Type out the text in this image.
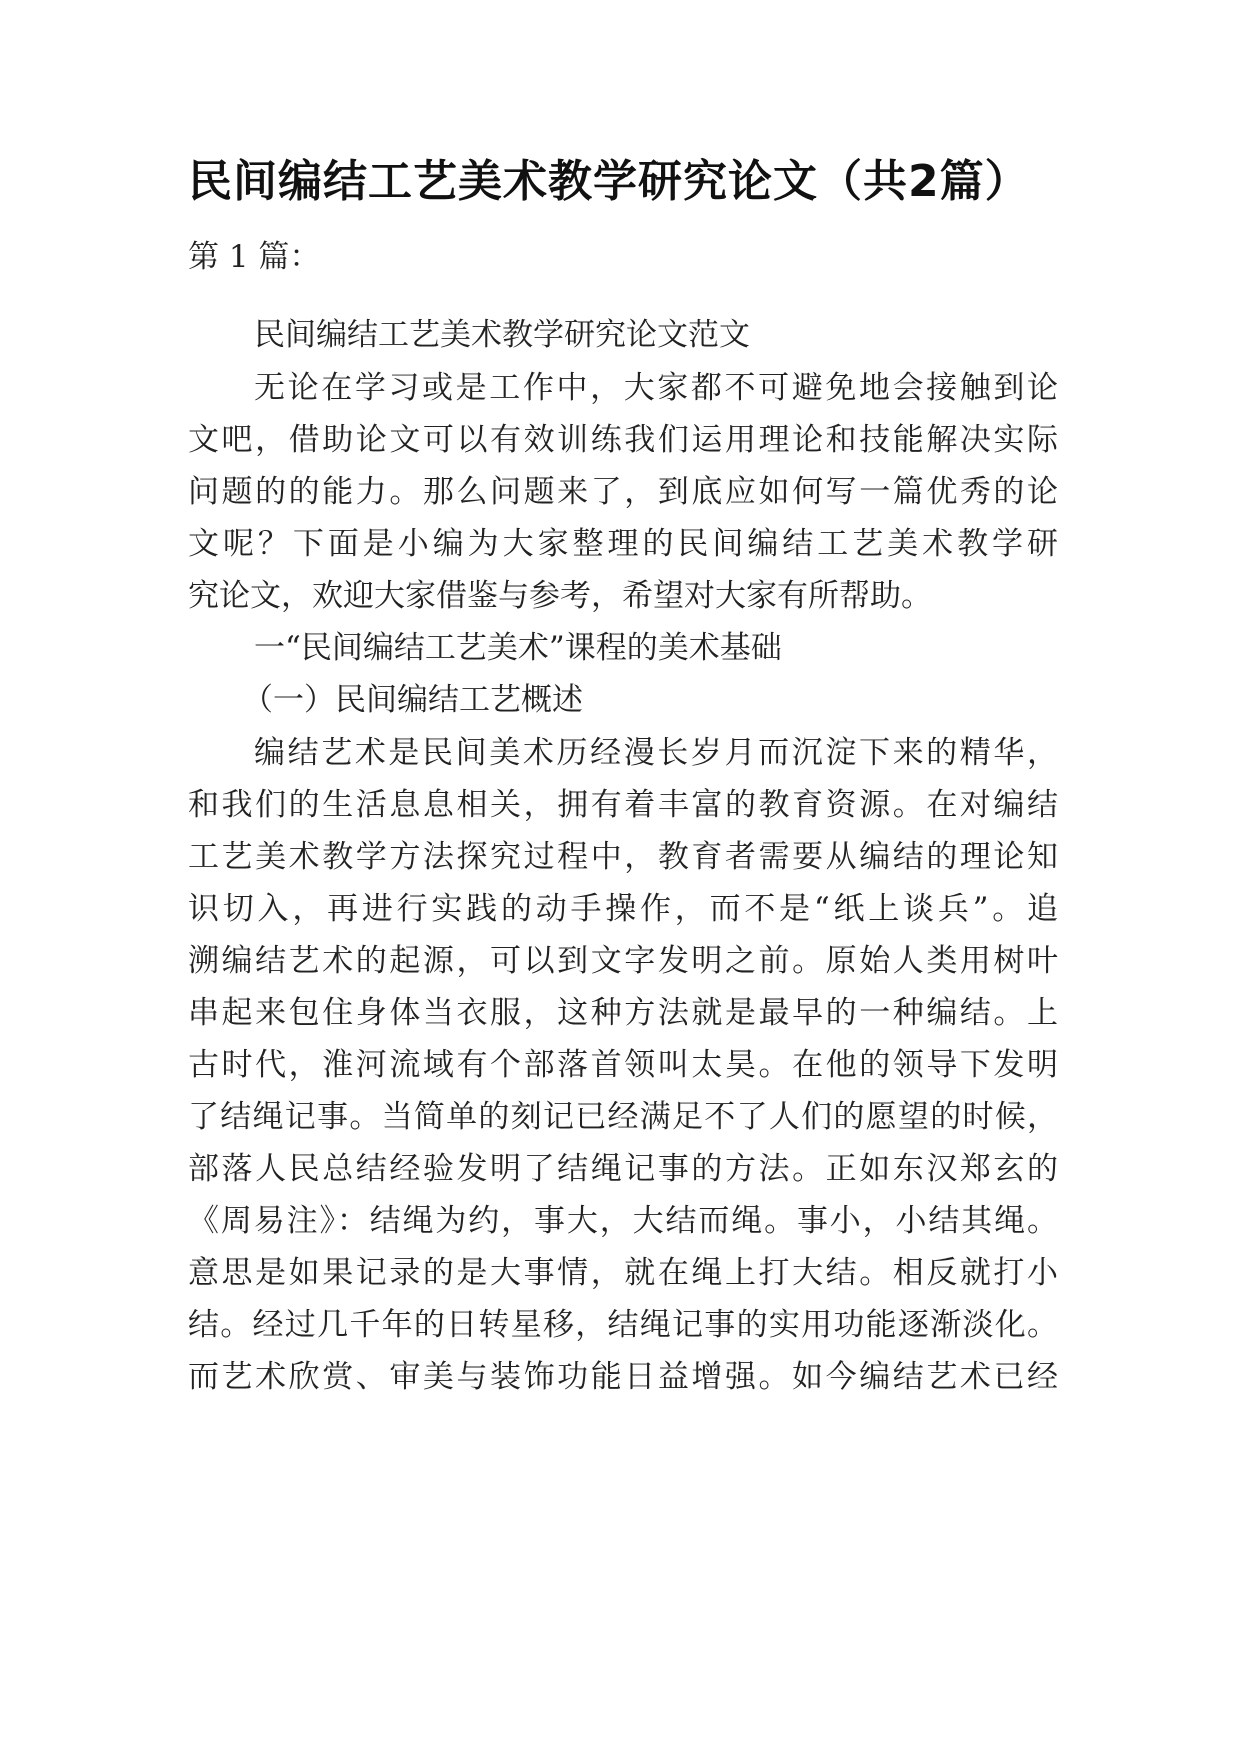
民间编结工艺美术教学研究论文（共2篇）
第 1 篇：
民间编结工艺美术教学研究论文范文
无论在学习或是工作中，大家都不可避免地会接触到论
文吧，借助论文可以有效训练我们运用理论和技能解决实际
问题的的能力。那么问题来了，到底应如何写一篇优秀的论
文呢？下面是小编为大家整理的民间编结工艺美术教学研
究论文，欢迎大家借鉴与参考，希望对大家有所帮助。
一“民间编结工艺美术”课程的美术基础
（一）民间编结工艺概述
编结艺术是民间美术历经漫长岁月而沉淀下来的精华，
和我们的生活息息相关，拥有着丰富的教育资源。在对编结
工艺美术教学方法探究过程中，教育者需要从编结的理论知
识切入，再进行实践的动手操作，而不是“纸上谈兵”。追
溯编结艺术的起源，可以到文字发明之前。原始人类用树叶
串起来包住身体当衣服，这种方法就是最早的一种编结。上
古时代，淮河流域有个部落首领叫太昊。在他的领导下发明
了结绳记事。当简单的刻记已经满足不了人们的愿望的时候，
部落人民总结经验发明了结绳记事的方法。正如东汉郑玄的
《周易注》：结绳为约，事大，大结而绳。事小，小结其绳。
意思是如果记录的是大事情，就在绳上打大结。相反就打小
结。经过几千年的日转星移，结绳记事的实用功能逐渐淡化。
而艺术欣赏、审美与装饰功能日益增强。如今编结艺术已经
